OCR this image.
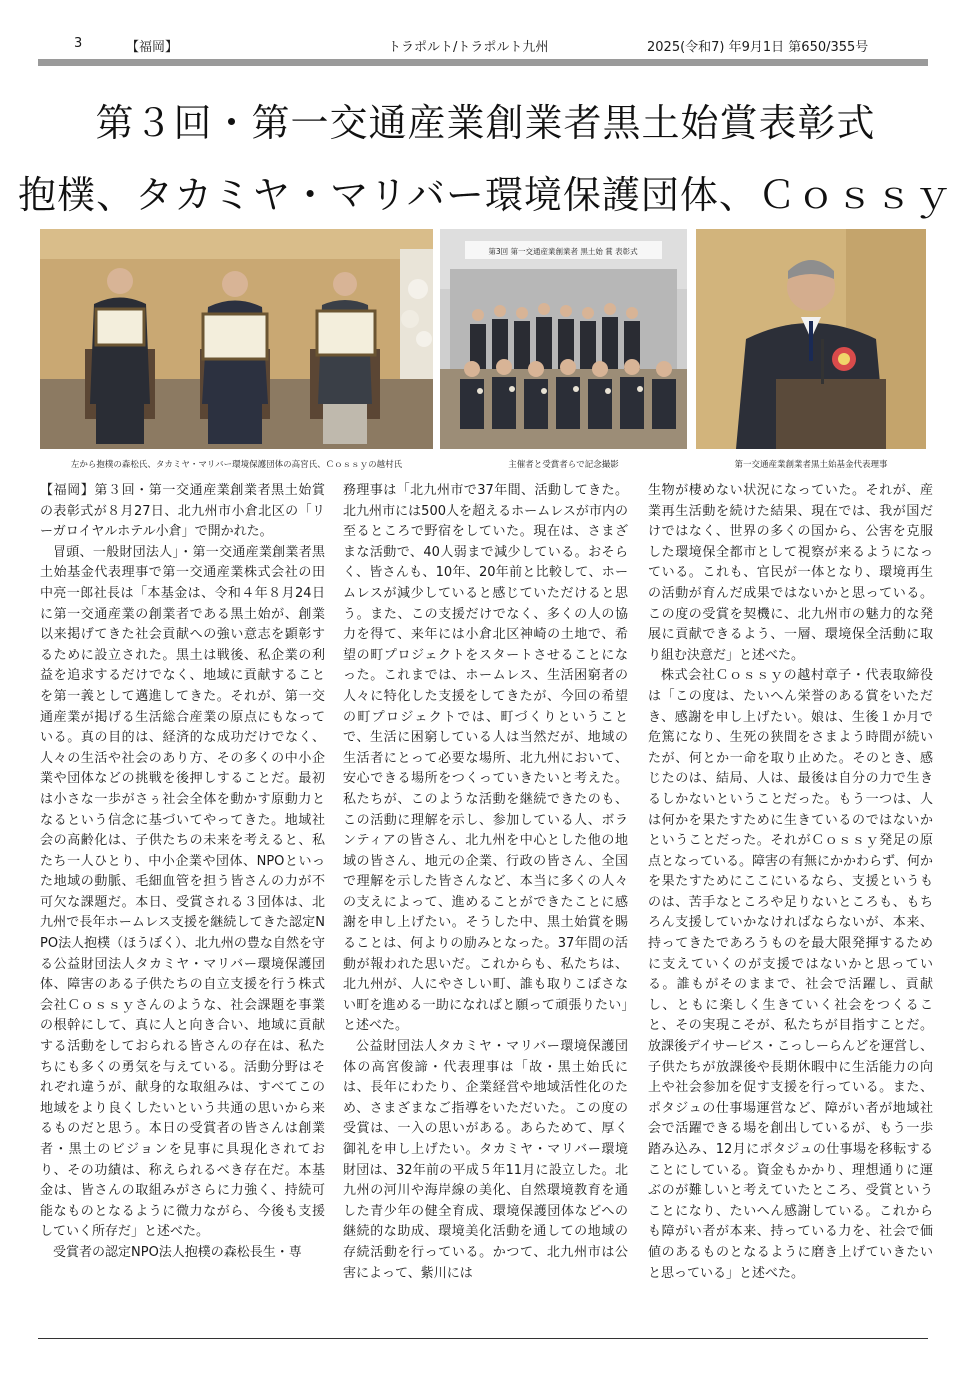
3	【福岡】	トラポルト/トラポルト九州	2025(令和7) 年9月1日 第650/355号
第３回・第一交通産業創業者黒土始賞表彰式
抱樸、タカミヤ・マリバー環境保護団体、Ｃｏｓｓｙ
第3回 第一交通産業創業者 黒土始 賞 表彰式
左から抱樸の森松氏、タカミヤ・マリバー環境保護団体の高宮氏、Ｃｏｓｓｙの越村氏	主催者と受賞者らで記念撮影	第一交通産業創業者黒土始基金代表理事

【福岡】第３回・第一交通産業創業者黒土始賞の表彰式が８月27日、北九州市小倉北区の「リーガロイヤルホテル小倉」で開かれた。

冒頭、一般財団法人」・第一交通産業創業者黒土始基金代表理事で第一交通産業株式会社の田中亮一郎社長は「本基金は、令和４年８月24日に第一交通産業の創業者である黒土始が、創業以来掲げてきた社会貢献への強い意志を顕彰するために設立された。黒土は戦後、私企業の利益を追求するだけでなく、地域に貢献することを第一義として邁進してきた。それが、第一交通産業が掲げる生活総合産業の原点にもなっている。真の目的は、経済的な成功だけでなく、人々の生活や社会のあり方、その多くの中小企業や団体などの挑戦を後押しすることだ。最初は小さな一歩がさぅ社会全体を動かす原動力となるという信念に基づいてやってきた。地域社会の高齢化は、子供たちの未来を考えると、私たち一人ひとり、中小企業や団体、NPOといった地域の動脈、毛細血管を担う皆さんの力が不可欠な課題だ。本日、受賞される３団体は、北九州で長年ホームレス支援を継続してきた認定NPO法人抱樸（ほうぼく）、北九州の豊な自然を守る公益財団法人タカミヤ・マリバー環境保護団体、障害のある子供たちの自立支援を行う株式会社Ｃｏｓｓｙさんのような、社会課題を事業の根幹にして、真に人と向き合い、地域に貢献する活動をしておられる皆さんの存在は、私たちにも多くの勇気を与えている。活動分野はそれぞれ違うが、献身的な取組みは、すべてこの地域をより良くしたいという共通の思いから来るものだと思う。本日の受賞者の皆さんは創業者・黒土のビジョンを見事に具現化されており、その功績は、称えられるべき存在だ。本基金は、皆さんの取組みがさらに力強く、持続可能なものとなるように微力ながら、今後も支援していく所存だ」と述べた。

受賞者の認定NPO法人抱樸の森松長生・専

務理事は「北九州市で37年間、活動してきた。北九州市には500人を超えるホームレスが市内の至るところで野宿をしていた。現在は、さまざまな活動で、40人弱まで減少している。おそらく、皆さんも、10年、20年前と比較して、ホームレスが減少していると感じていただけると思う。また、この支援だけでなく、多くの人の協力を得て、来年には小倉北区神崎の土地で、希望の町プロジェクトをスタートさせることになった。これまでは、ホームレス、生活困窮者の人々に特化した支援をしてきたが、今回の希望の町プロジェクトでは、町づくりということで、生活に困窮している人は当然だが、地域の生活者にとって必要な場所、北九州において、安心できる場所をつくっていきたいと考えた。私たちが、このような活動を継続できたのも、この活動に理解を示し、参加している人、ボランティアの皆さん、北九州を中心とした他の地域の皆さん、地元の企業、行政の皆さん、全国で理解を示した皆さんなど、本当に多くの人々の支えによって、進めることができたことに感謝を申し上げたい。そうした中、黒土始賞を賜ることは、何よりの励みとなった。37年間の活動が報われた思いだ。これからも、私たちは、北九州が、人にやさしい町、誰も取りこぼさない町を進める一助になればと願って頑張りたい」と述べた。

公益財団法人タカミヤ・マリバー環境保護団体の高宮俊諦・代表理事は「故・黒土始氏には、長年にわたり、企業経営や地域活性化のため、さまざまなご指導をいただいた。この度の受賞は、一入の思いがある。あらためて、厚く御礼を申し上げたい。タカミヤ・マリバー環境財団は、32年前の平成５年11月に設立した。北九州の河川や海岸線の美化、自然環境教育を通した青少年の健全育成、環境保護団体などへの継続的な助成、環境美化活動を通しての地域の存続活動を行っている。かつて、北九州市は公害によって、紫川には

生物が棲めない状況になっていた。それが、産業再生活動を続けた結果、現在では、我が国だけではなく、世界の多くの国から、公害を克服した環境保全都市として視察が来るようになっている。これも、官民が一体となり、環境再生の活動が育んだ成果ではないかと思っている。この度の受賞を契機に、北九州市の魅力的な発展に貢献できるよう、一層、環境保全活動に取り組む決意だ」と述べた。

株式会社Ｃｏｓｓｙの越村章子・代表取締役は「この度は、たいへん栄誉のある賞をいただき、感謝を申し上げたい。娘は、生後１か月で危篤になり、生死の狭間をさまよう時間が続いたが、何とか一命を取り止めた。そのとき、感じたのは、結局、人は、最後は自分の力で生きるしかないということだった。もう一つは、人は何かを果たすために生きているのではないかということだった。それがＣｏｓｓｙ発足の原点となっている。障害の有無にかかわらず、何かを果たすためにここにいるなら、支援というものは、苦手なところや足りないところも、もちろん支援していかなければならないが、本来、持ってきたであろうものを最大限発揮するために支えていくのが支援ではないかと思っている。誰もがそのままで、社会で活躍し、貢献し、ともに楽しく生きていく社会をつくること、その実現こそが、私たちが目指すことだ。放課後デイサービス・こっしーらんどを運営し、子供たちが放課後や長期休暇中に生活能力の向上や社会参加を促す支援を行っている。また、ポタジュの仕事場運営など、障がい者が地域社会で活躍できる場を創出しているが、もう一歩踏み込み、12月にポタジュの仕事場を移転することにしている。資金もかかり、理想通りに運ぶのが難しいと考えていたところ、受賞ということになり、たいへん感謝している。これからも障がい者が本来、持っている力を、社会で価値のあるものとなるように磨き上げていきたいと思っている」と述べた。
